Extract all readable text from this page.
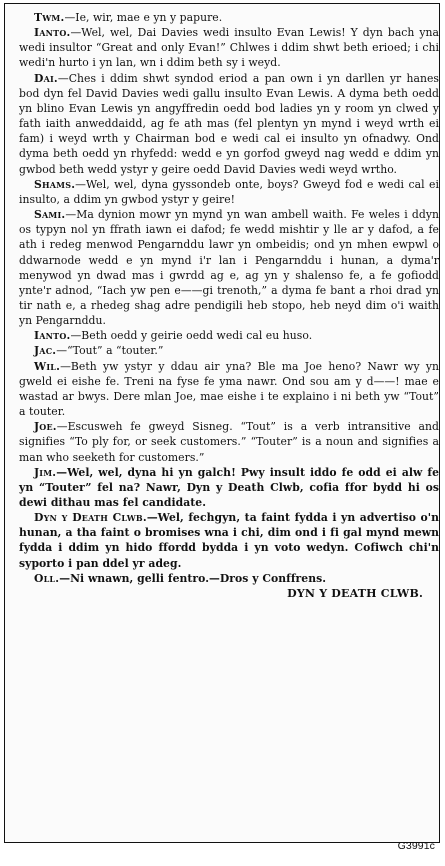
Twm.—Ie, wir, mae e yn y papure.

Ianto.—Wel, wel, Dai Davies wedi insulto Evan Lewis! Y dyn bach yna wedi insultor “Great and only Evan!” Chlwes i ddim shwt beth erioed; i chi wedi'n hurto i yn lan, wn i ddim beth sy i weyd.

Dai.—Ches i ddim shwt syndod eriod a pan own i yn darllen yr hanes bod dyn fel David Davies wedi gallu insulto Evan Lewis. A dyma beth oedd yn blino Evan Lewis yn angyffredin oedd bod ladies yn y room yn clwed y fath iaith anweddaidd, ag fe ath mas (fel plentyn yn mynd i weyd wrth ei fam) i weyd wrth y Chairman bod e wedi cal ei insulto yn ofnadwy. Ond dyma beth oedd yn rhyfedd: wedd e yn gorfod gweyd nag wedd e ddim yn gwbod beth wedd ystyr y geire oedd David Davies wedi weyd wrtho.

Shams.—Wel, wel, dyna gyssondeb onte, boys? Gweyd fod e wedi cal ei insulto, a ddim yn gwbod ystyr y geire!

Sami.—Ma dynion mowr yn mynd yn wan ambell waith. Fe weles i ddyn os typyn nol yn ffrath iawn ei dafod; fe wedd mishtir y lle ar y dafod, a fe ath i redeg menwod Pengarnddu lawr yn ombeidis; ond yn mhen ewpwl o ddwarnode wedd e yn mynd i'r lan i Pengarnddu i hunan, a dyma'r menywod yn dwad mas i gwrdd ag e, ag yn y shalenso fe, a fe gofiodd ynte'r adnod, “Iach yw pen e——gi trenoth,” a dyma fe bant a rhoi drad yn tir nath e, a rhedeg shag adre pendigili heb stopo, heb neyd dim o'i waith yn Pengarnddu.

Ianto.—Beth oedd y geirie oedd wedi cal eu huso.

Jac.—“Tout” a “touter.”

Wil.—Beth yw ystyr y ddau air yna? Ble ma Joe heno? Nawr wy yn gweld ei eishe fe. Treni na fyse fe yma nawr. Ond sou am y d——! mae e wastad ar bwys. Dere mlan Joe, mae eishe i te explaino i ni beth yw “Tout” a touter.

Joe.—Escusweh fe gweyd Sisneg. “Tout” is a verb intransitive and signifies “To ply for, or seek customers.” “Touter” is a noun and signifies a man who seeketh for customers.”

Jim.—Wel, wel, dyna hi yn galch! Pwy insult iddo fe odd ei alw fe yn “Touter” fel na? Nawr, Dyn y Death Clwb, cofia ffor bydd hi os dewi dithau mas fel candidate.

Dyn y Death Clwb.—Wel, fechgyn, ta faint fydda i yn advertiso o'n hunan, a tha faint o bromises wna i chi, dim ond i fi gal mynd mewn fydda i ddim yn hido ffordd bydda i yn voto wedyn. Cofiwch chi'n syporto i pan ddel yr adeg.

Oll.—Ni wnawn, gelli fentro.—Dros y Conffrens.

DYN Y DEATH CLWB.

G3991c
